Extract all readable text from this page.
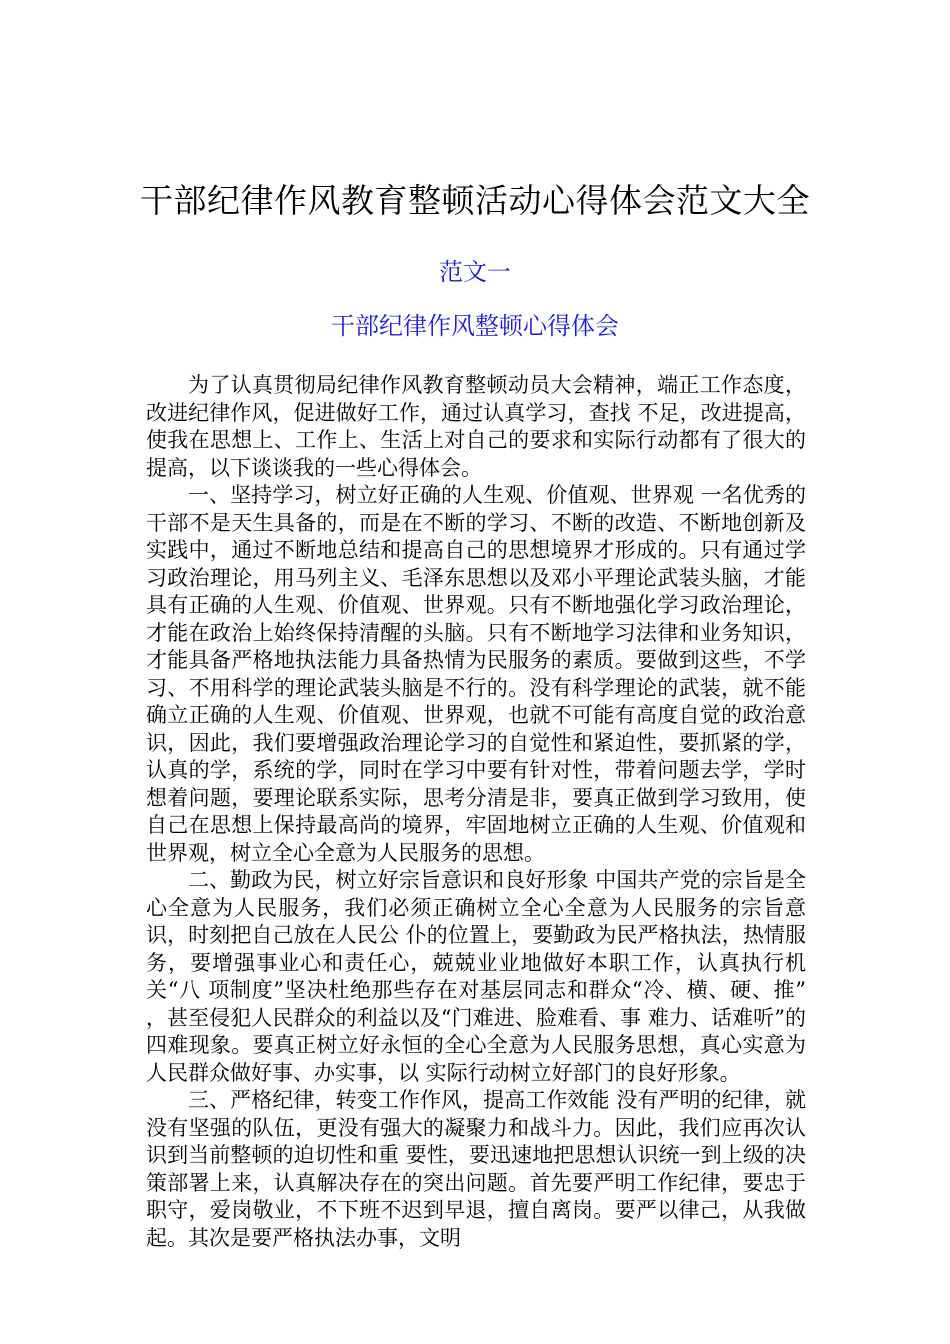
干部纪律作风教育整顿活动心得体会范文大全
范文一
干部纪律作风整顿心得体会

为了认真贯彻局纪律作风教育整顿动员大会精神，端正工作态度，改进纪律作风，促进做好工作，通过认真学习，查找 不足，改进提高，使我在思想上、工作上、生活上对自己的要求和实际行动都有了很大的提高，以下谈谈我的一些心得体会。

一、坚持学习，树立好正确的人生观、价值观、世界观 一名优秀的干部不是天生具备的，而是在不断的学习、不断的改造、不断地创新及实践中，通过不断地总结和提高自己的思想境界才形成的。只有通过学习政治理论，用马列主义、毛泽东思想以及邓小平理论武装头脑，才能具有正确的人生观、价值观、世界观。只有不断地强化学习政治理论，才能在政治上始终保持清醒的头脑。只有不断地学习法律和业务知识，才能具备严格地执法能力具备热情为民服务的素质。要做到这些，不学习、不用科学的理论武装头脑是不行的。没有科学理论的武装，就不能确立正确的人生观、价值观、世界观，也就不可能有高度自觉的政治意识，因此，我们要增强政治理论学习的自觉性和紧迫性，要抓紧的学，认真的学，系统的学，同时在学习中要有针对性，带着问题去学，学时想着问题，要理论联系实际，思考分清是非，要真正做到学习致用，使自己在思想上保持最高尚的境界，牢固地树立正确的人生观、价值观和世界观，树立全心全意为人民服务的思想。

二、勤政为民，树立好宗旨意识和良好形象 中国共产党的宗旨是全心全意为人民服务，我们必须正确树立全心全意为人民服务的宗旨意识，时刻把自己放在人民公 仆的位置上，要勤政为民严格执法，热情服务，要增强事业心和责任心，兢兢业业地做好本职工作，认真执行机关“八 项制度”坚决杜绝那些存在对基层同志和群众“冷、横、硬、推” ，甚至侵犯人民群众的利益以及“门难进、脸难看、事 难力、话难听”的四难现象。要真正树立好永恒的全心全意为人民服务思想，真心实意为人民群众做好事、办实事，以 实际行动树立好部门的良好形象。

三、严格纪律，转变工作作风，提高工作效能 没有严明的纪律，就没有坚强的队伍，更没有强大的凝聚力和战斗力。因此，我们应再次认识到当前整顿的迫切性和重 要性，要迅速地把思想认识统一到上级的决策部署上来，认真解决存在的突出问题。首先要严明工作纪律，要忠于职守，爱岗敬业，不下班不迟到早退，擅自离岗。要严以律己，从我做起。其次是要严格执法办事，文明
